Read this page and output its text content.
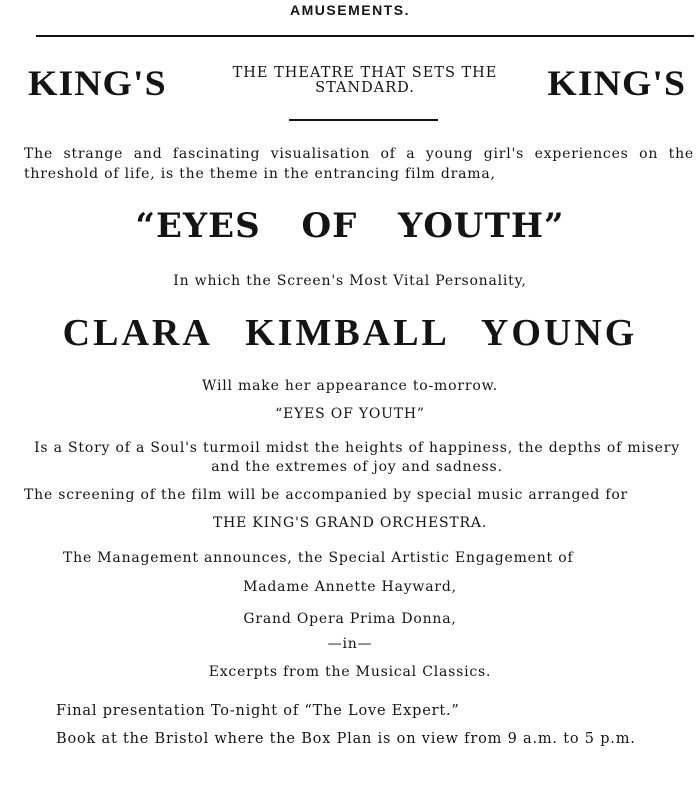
AMUSEMENTS.
KING'S	THE THEATRE THAT SETS THE STANDARD.	KING'S
The strange and fascinating visualisation of a young girl's experiences on the threshold of life, is the theme in the entrancing film drama,
“EYES OF YOUTH”
In which the Screen's Most Vital Personality,
CLARA KIMBALL YOUNG
Will make her appearance to-morrow.
“EYES OF YOUTH”
Is a Story of a Soul's turmoil midst the heights of happiness, the depths of misery and the extremes of joy and sadness.
The screening of the film will be accompanied by special music arranged for
THE KING'S GRAND ORCHESTRA.
The Management announces, the Special Artistic Engagement of
Madame Annette Hayward,
Grand Opera Prima Donna,
—in—
Excerpts from the Musical Classics.
Final presentation To-night of “The Love Expert.”
Book at the Bristol where the Box Plan is on view from 9 a.m. to 5 p.m.
